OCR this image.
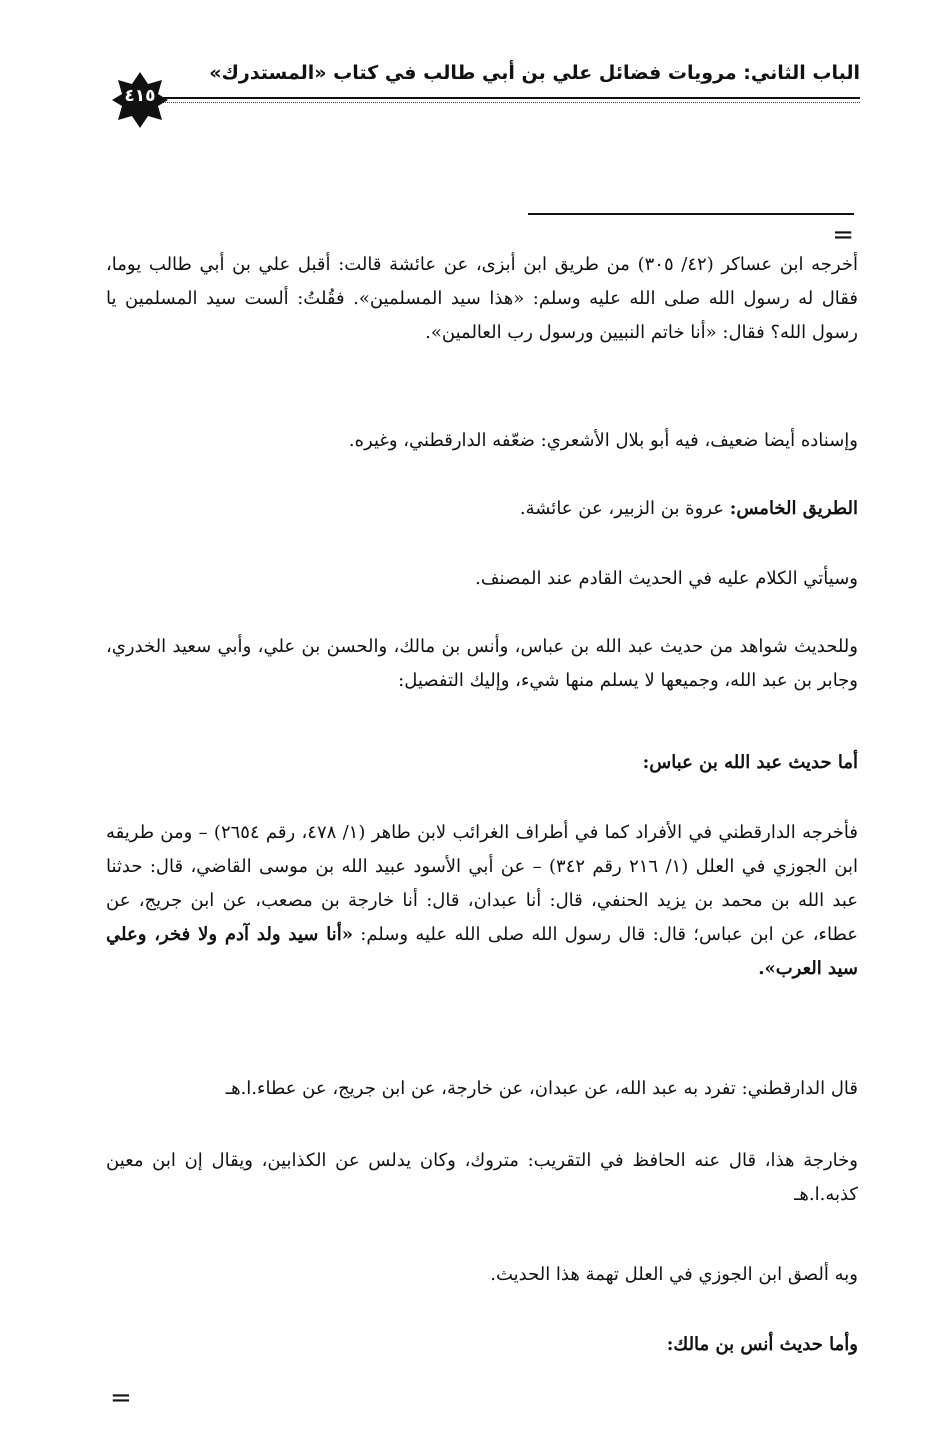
الباب الثاني: مرويات فضائل علي بن أبي طالب في كتاب «المستدرك»
٤١٥
=

أخرجه ابن عساكر (٤٢/ ٣٠٥) من طريق ابن أبزى، عن عائشة قالت: أقبل علي بن أبي طالب يوما، فقال له رسول الله صلى الله عليه وسلم: «هذا سيد المسلمين». فقُلتُ: ألست سيد المسلمين يا رسول الله؟ فقال: «أنا خاتم النبيين ورسول رب العالمين».

وإسناده أيضا ضعيف، فيه أبو بلال الأشعري: ضعّفه الدارقطني، وغيره.

الطريق الخامس: عروة بن الزبير، عن عائشة.

وسيأتي الكلام عليه في الحديث القادم عند المصنف.

وللحديث شواهد من حديث عبد الله بن عباس، وأنس بن مالك، والحسن بن علي، وأبي سعيد الخدري، وجابر بن عبد الله، وجميعها لا يسلم منها شيء، وإليك التفصيل:

أما حديث عبد الله بن عباس:

فأخرجه الدارقطني في الأفراد كما في أطراف الغرائب لابن طاهر (١/ ٤٧٨، رقم ٢٦٥٤) – ومن طريقه ابن الجوزي في العلل (١/ ٢١٦ رقم ٣٤٢) – عن أبي الأسود عبيد الله بن موسى القاضي، قال: حدثنا عبد الله بن محمد بن يزيد الحنفي، قال: أنا عبدان، قال: أنا خارجة بن مصعب، عن ابن جريج، عن عطاء، عن ابن عباس؛ قال: قال رسول الله صلى الله عليه وسلم: «أنا سيد ولد آدم ولا فخر، وعلي سيد العرب».

قال الدارقطني: تفرد به عبد الله، عن عبدان، عن خارجة، عن ابن جريج، عن عطاء.ا.هـ

وخارجة هذا، قال عنه الحافظ في التقريب: متروك، وكان يدلس عن الكذابين، ويقال إن ابن معين كذبه.ا.هـ

وبه ألصق ابن الجوزي في العلل تهمة هذا الحديث.

وأما حديث أنس بن مالك:

=
